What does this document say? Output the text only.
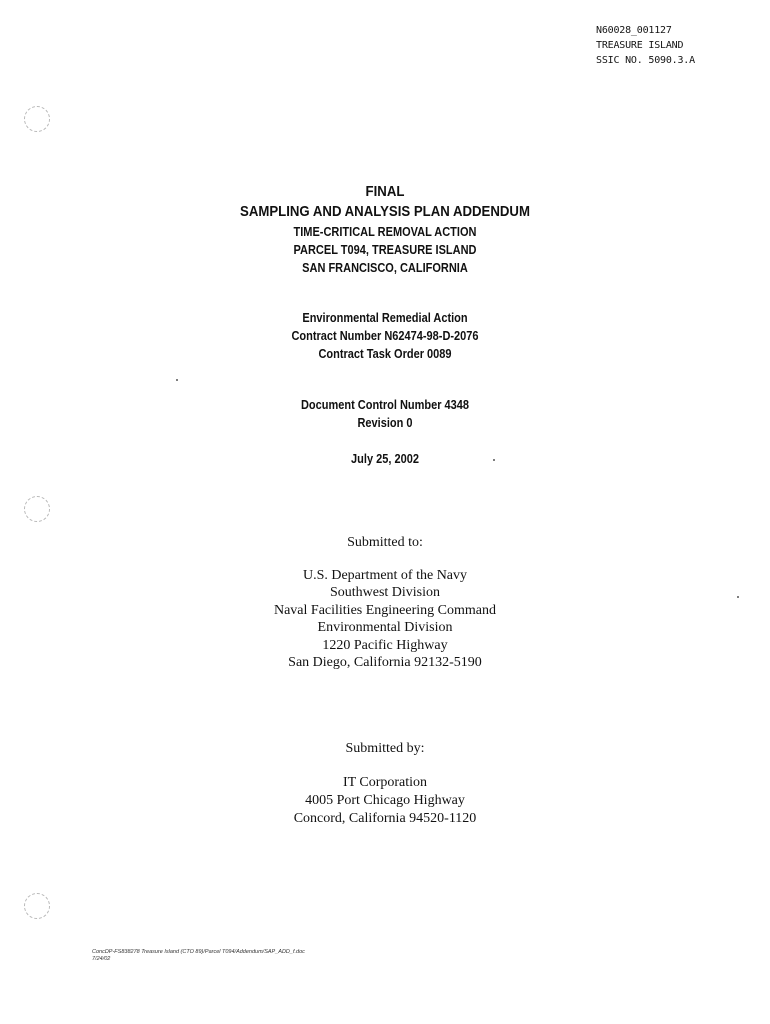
N60028_001127
TREASURE ISLAND
SSIC NO. 5090.3.A
FINAL
SAMPLING AND ANALYSIS PLAN ADDENDUM
TIME-CRITICAL REMOVAL ACTION
PARCEL T094, TREASURE ISLAND
SAN FRANCISCO, CALIFORNIA
Environmental Remedial Action
Contract Number N62474-98-D-2076
Contract Task Order 0089
Document Control Number 4348
Revision 0
July 25, 2002
Submitted to:
U.S. Department of the Navy
Southwest Division
Naval Facilities Engineering Command
Environmental Division
1220 Pacific Highway
San Diego, California 92132-5190
Submitted by:
IT Corporation
4005 Port Chicago Highway
Concord, California 94520-1120
ConcDP-FS838278 Treasure Island (CTO 89)/Parcel T094/Addendum/SAP_ADD_f.doc
7/24/02
